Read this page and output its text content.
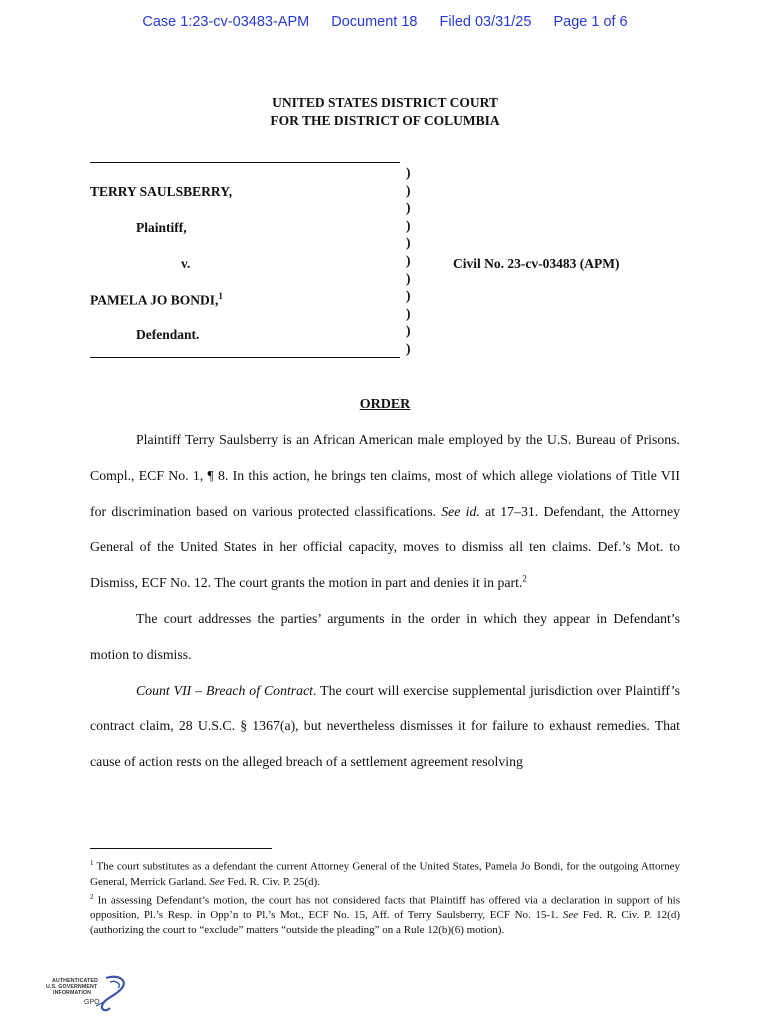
Case 1:23-cv-03483-APM Document 18 Filed 03/31/25 Page 1 of 6
UNITED STATES DISTRICT COURT
FOR THE DISTRICT OF COLUMBIA
)
)
)
)
)
)
)
)
)
)
)
TERRY SAULSBERRY,
Plaintiff,
v.
PAMELA JO BONDI,$^1$
Defendant.
Civil No. 23-cv-03483 (APM)
ORDER

Plaintiff Terry Saulsberry is an African American male employed by the U.S. Bureau of Prisons. Compl., ECF No. 1, ¶ 8. In this action, he brings ten claims, most of which allege violations of Title VII for discrimination based on various protected classifications. See id. at 17–31. Defendant, the Attorney General of the United States in her official capacity, moves to dismiss all ten claims. Def.’s Mot. to Dismiss, ECF No. 12. The court grants the motion in part and denies it in part.$^2$

The court addresses the parties’ arguments in the order in which they appear in Defendant’s motion to dismiss.

Count VII – Breach of Contract. The court will exercise supplemental jurisdiction over Plaintiff’s contract claim, 28 U.S.C. § 1367(a), but nevertheless dismisses it for failure to exhaust remedies. That cause of action rests on the alleged breach of a settlement agreement resolving

$^1$ The court substitutes as a defendant the current Attorney General of the United States, Pamela Jo Bondi, for the outgoing Attorney General, Merrick Garland. See Fed. R. Civ. P. 25(d).

$^2$ In assessing Defendant’s motion, the court has not considered facts that Plaintiff has offered via a declaration in support of his opposition, Pl.’s Resp. in Opp’n to Pl.’s Mot., ECF No. 15, Aff. of Terry Saulsberry, ECF No. 15-1. See Fed. R. Civ. P. 12(d) (authorizing the court to “exclude” matters “outside the pleading” on a Rule 12(b)(6) motion).

AUTHENTICATED
U.S. GOVERNMENT
INFORMATION
GPO
